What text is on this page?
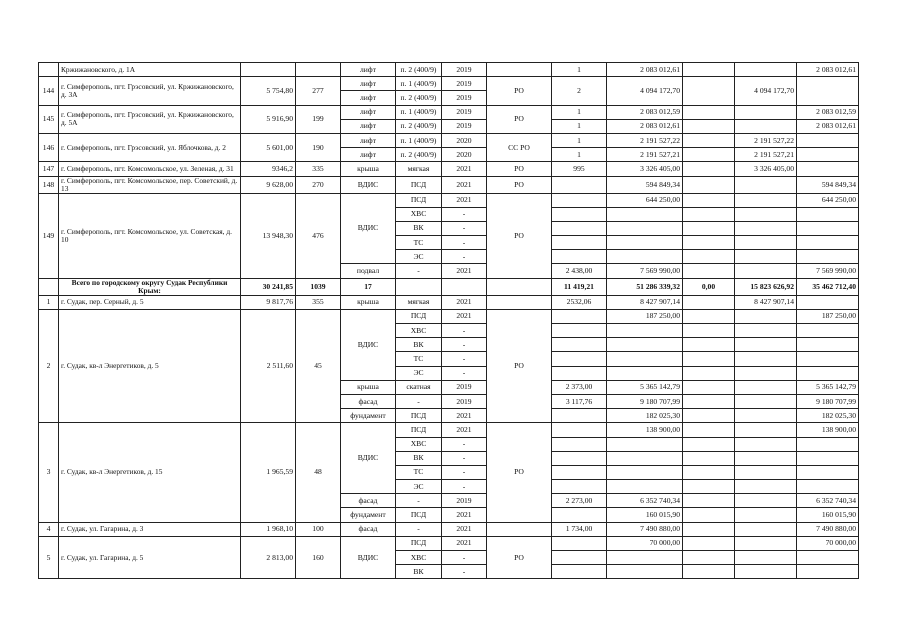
	Кржижановского, д. 1А			лифт	п. 2 (400/9)	2019		1	2 083 012,61			2 083 012,61
144	г. Симферополь, пгт. Грэсовский, ул. Кржижановского, д. 3А	5 754,80	277	лифт	п. 1 (400/9)	2019	РО	2	4 094 172,70		4 094 172,70	
				лифт	п. 2 (400/9)	2019						
145	г. Симферополь, пгт. Грэсовский, ул. Кржижановского, д. 5А	5 916,90	199	лифт	п. 1 (400/9)	2019	РО	1	2 083 012,59			2 083 012,59
				лифт	п. 2 (400/9)	2019		1	2 083 012,61			2 083 012,61
146	г. Симферополь, пгт. Грэсовский, ул. Яблочкова, д. 2	5 601,00	190	лифт	п. 1 (400/9)	2020	СС РО	1	2 191 527,22		2 191 527,22	
				лифт	п. 2 (400/9)	2020		1	2 191 527,21		2 191 527,21	
147	г. Симферополь, пгт. Комсомольское, ул. Зеленая, д. 31	9346,2	335	крыша	мягкая	2021	РО	995	3 326 405,00		3 326 405,00	
148	г. Симферополь, пгт. Комсомольское, пер. Советский, д. 13	9 628,00	270	ВДИС	ПСД	2021	РО		594 849,34			594 849,34
149	г. Симферополь, пгт. Комсомольское, ул. Советская, д. 10	13 948,30	476	ВДИС	ПСД	2021	РО		644 250,00			644 250,00
					ХВС	-						
					ВК	-						
					ТС	-						
					ЭС	-						
				подвал	-	2021		2 438,00	7 569 990,00			7 569 990,00
	Всего по городскому округу Судак Республики Крым:	30 241,85	1039	17				11 419,21	51 286 339,32	0,00	15 823 626,92	35 462 712,40
1	г. Судак, пер. Серный, д. 5	9 817,76	355	крыша	мягкая	2021		2532,06	8 427 907,14		8 427 907,14	
2	г. Судак, кв-л Энергетиков, д. 5	2 511,60	45	ВДИС	ПСД	2021	РО		187 250,00			187 250,00
					ХВС	-						
					ВК	-						
					ТС	-						
					ЭС	-						
				крыша	скатная	2019		2 373,00	5 365 142,79			5 365 142,79
				фасад	-	2019		3 117,76	9 180 707,99			9 180 707,99
				фундамент	ПСД	2021			182 025,30			182 025,30
3	г. Судак, кв-л Энергетиков, д. 15	1 965,59	48	ВДИС	ПСД	2021	РО		138 900,00			138 900,00
					ХВС	-						
					ВК	-						
					ТС	-						
					ЭС	-						
				фасад	-	2019		2 273,00	6 352 740,34			6 352 740,34
				фундамент	ПСД	2021			160 015,90			160 015,90
4	г. Судак, ул. Гагарина, д. 3	1 968,10	100	фасад	-	2021		1 734,00	7 490 880,00			7 490 880,00
5	г. Судак, ул. Гагарина, д. 5	2 813,00	160	ВДИС	ПСД	2021	РО		70 000,00			70 000,00
					ХВС	-						
					ВК	-						
